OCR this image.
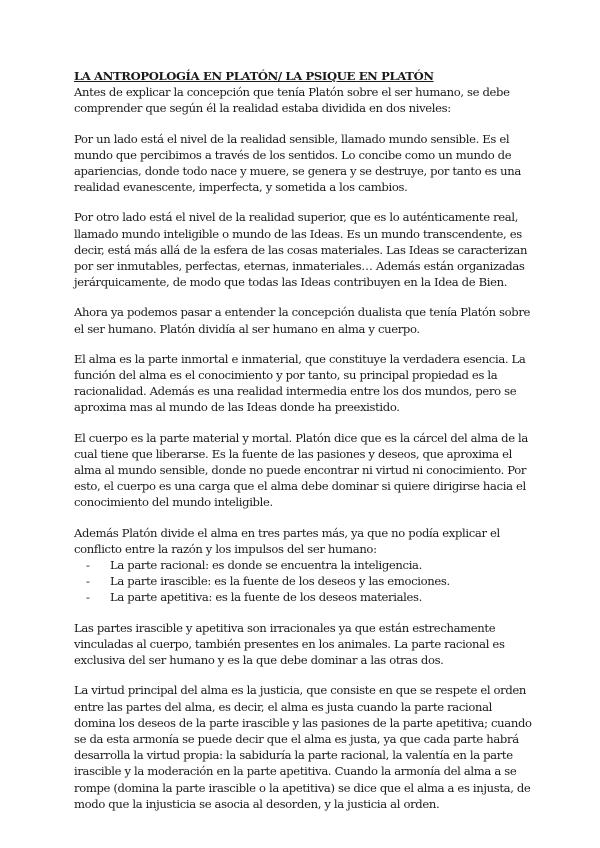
LA ANTROPOLOGÍA EN PLATÓN/ LA PSIQUE EN PLATÓN

Antes de explicar la concepción que tenía Platón sobre el ser humano, se debe comprender que según él la realidad estaba dividida en dos niveles:

Por un lado está el nivel de la realidad sensible, llamado mundo sensible. Es el mundo que percibimos a través de los sentidos. Lo concibe como un mundo de apariencias, donde todo nace y muere, se genera y se destruye, por tanto es una realidad evanescente, imperfecta, y sometida a los cambios.

Por otro lado está el nivel de la realidad superior, que es lo auténticamente real, llamado mundo inteligible o mundo de las Ideas. Es un mundo transcendente, es decir, está más allá de la esfera de las cosas materiales. Las Ideas se caracterizan por ser inmutables, perfectas, eternas, inmateriales… Además están organizadas jerárquicamente, de modo que todas las Ideas contribuyen en la Idea de Bien.

Ahora ya podemos pasar a entender la concepción dualista que tenía Platón sobre el ser humano. Platón dividía al ser humano en alma y cuerpo.

El alma es la parte inmortal e inmaterial, que constituye la verdadera esencia. La función del alma es el conocimiento y por tanto, su principal propiedad es la racionalidad. Además es una realidad intermedia entre los dos mundos, pero se aproxima mas al mundo de las Ideas donde ha preexistido.

El cuerpo es la parte material y mortal. Platón dice que es la cárcel del alma de la cual tiene que liberarse. Es la fuente de las pasiones y deseos, que aproxima el alma al mundo sensible, donde no puede encontrar ni virtud ni conocimiento. Por esto, el cuerpo es una carga que el alma debe dominar si quiere dirigirse hacia el conocimiento del mundo inteligible.

Además Platón divide el alma en tres partes más, ya que no podía explicar el conflicto entre la razón y los impulsos del ser humano:

- La parte racional: es donde se encuentra la inteligencia.
- La parte irascible: es la fuente de los deseos y las emociones.
- La parte apetitiva: es la fuente de los deseos materiales.

Las partes irascible y apetitiva son irracionales ya que están estrechamente vinculadas al cuerpo, también presentes en los animales. La parte racional es exclusiva del ser humano y es la que debe dominar a las otras dos.

La virtud principal del alma es la justicia, que consiste en que se respete el orden entre las partes del alma, es decir, el alma es justa cuando la parte racional domina los deseos de la parte irascible y las pasiones de la parte apetitiva; cuando se da esta armonía se puede decir que el alma es justa, ya que cada parte habrá desarrolla la virtud propia: la sabiduría la parte racional, la valentía en la parte irascible y la moderación en la parte apetitiva. Cuando la armonía del alma a se rompe (domina la parte irascible o la apetitiva) se dice que el alma a es injusta, de modo que la injusticia se asocia al desorden, y la justicia al orden.
